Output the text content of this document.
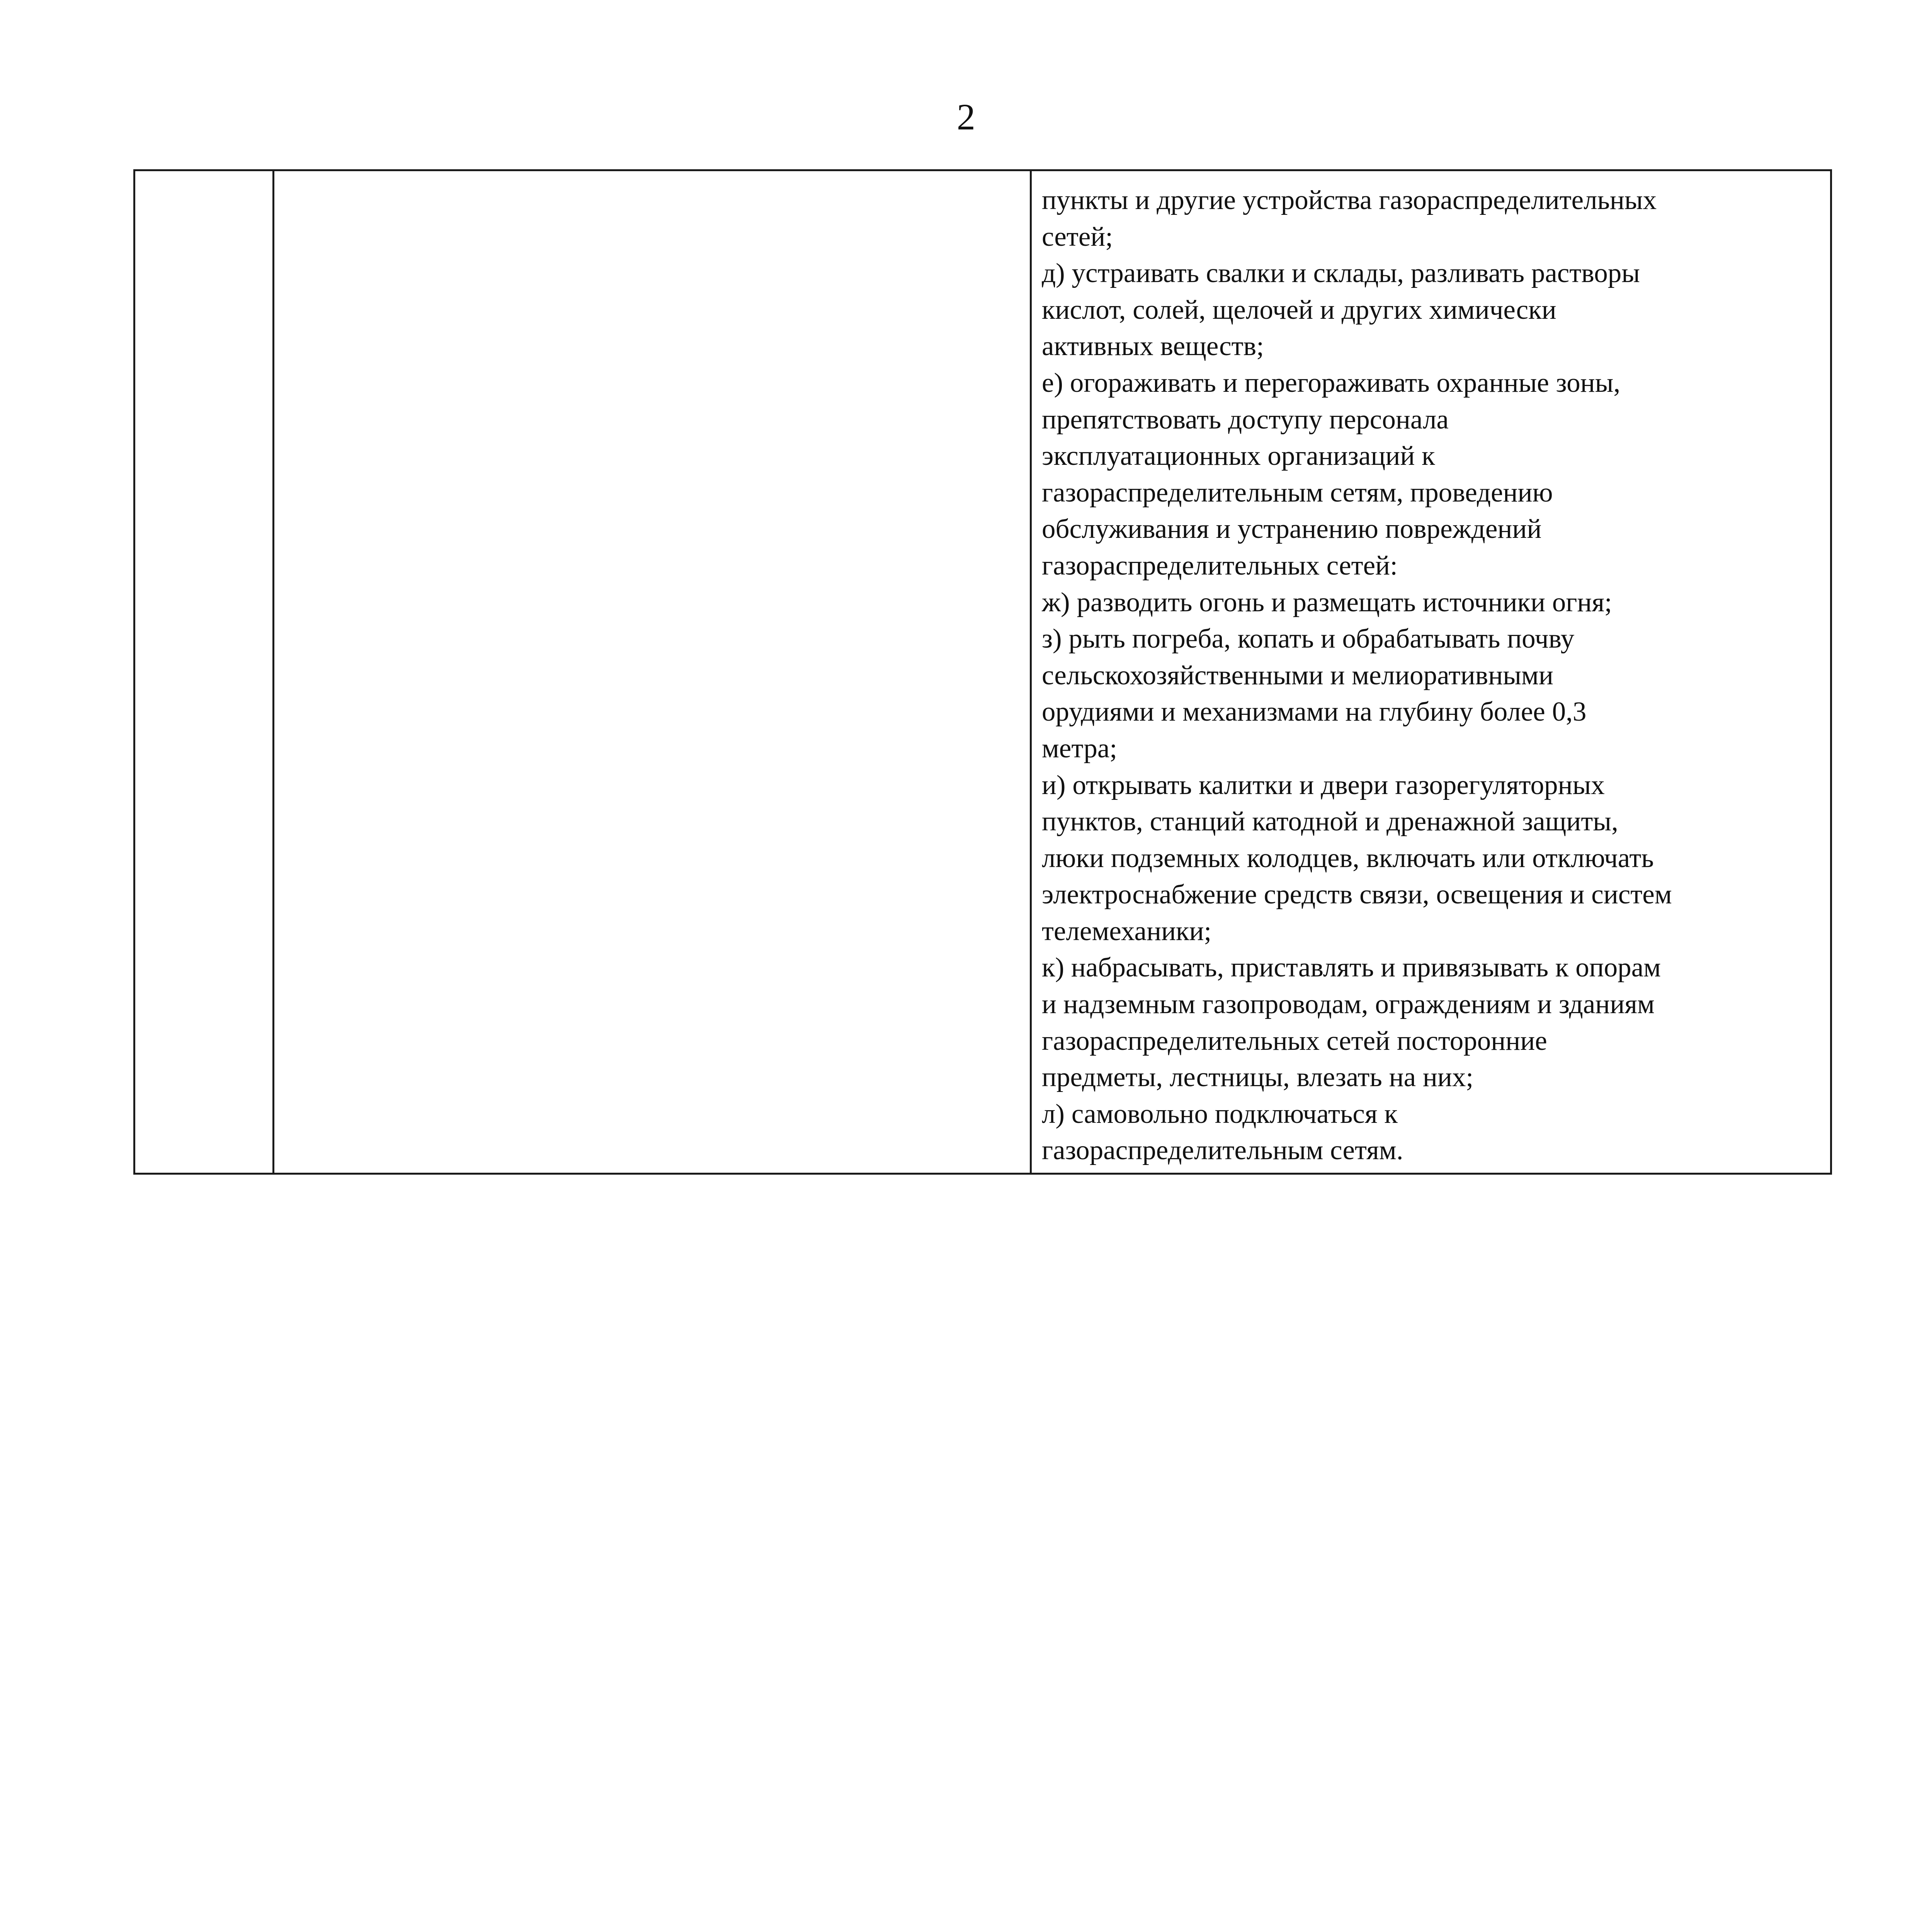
2

пункты и другие устройства газораспределительных
сетей;
д) устраивать свалки и склады, разливать растворы
кислот, солей, щелочей и других химически
активных веществ;
е) огораживать и перегораживать охранные зоны,
препятствовать доступу персонала
эксплуатационных организаций к
газораспределительным сетям, проведению
обслуживания и устранению повреждений
газораспределительных сетей:
ж) разводить огонь и размещать источники огня;
з) рыть погреба, копать и обрабатывать почву
сельскохозяйственными и мелиоративными
орудиями и механизмами на глубину более 0,3
метра;
и) открывать калитки и двери газорегуляторных
пунктов, станций катодной и дренажной защиты,
люки подземных колодцев, включать или отключать
электроснабжение средств связи, освещения и систем
телемеханики;
к) набрасывать, приставлять и привязывать к опорам
и надземным газопроводам, ограждениям и зданиям
газораспределительных сетей посторонние
предметы, лестницы, влезать на них;
л) самовольно подключаться к
газораспределительным сетям.
